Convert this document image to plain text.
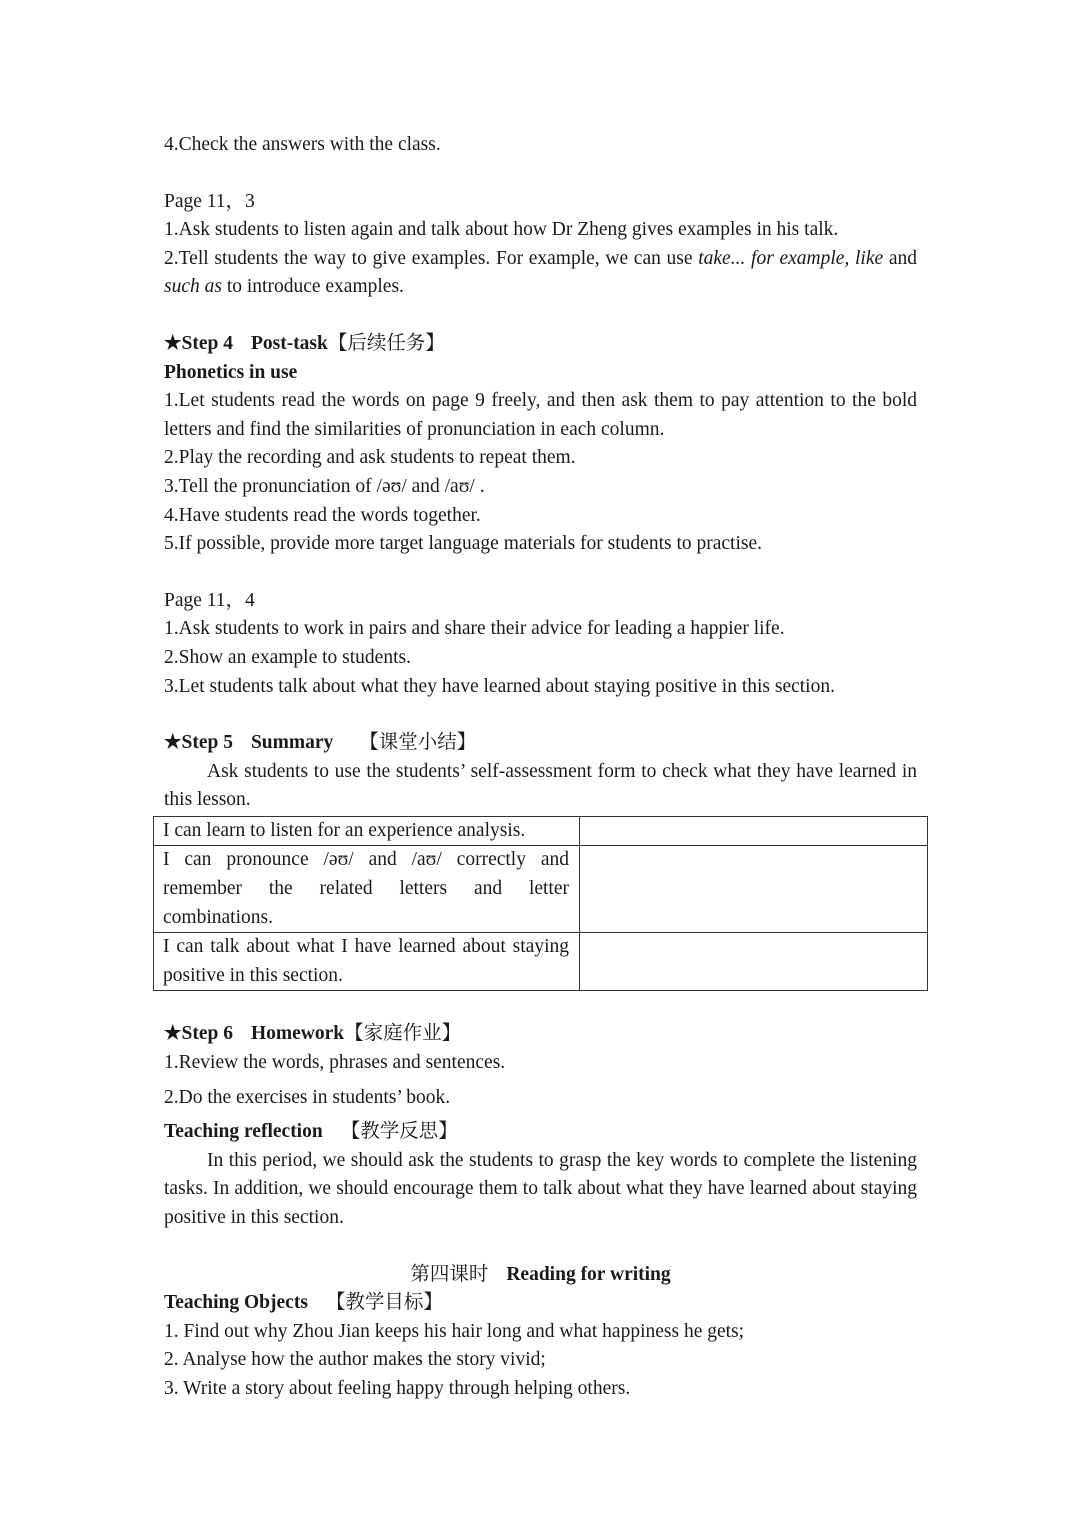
4.Check the answers with the class.

Page 11，3

1.Ask students to listen again and talk about how Dr Zheng gives examples in his talk.

2.Tell students the way to give examples. For example, we can use take... for example, like and such as to introduce examples.

★Step 4 Post-task【后续任务】

Phonetics in use

1.Let students read the words on page 9 freely, and then ask them to pay attention to the bold letters and find the similarities of pronunciation in each column.

2.Play the recording and ask students to repeat them.

3.Tell the pronunciation of /əʊ/ and /aʊ/ .

4.Have students read the words together.

5.If possible, provide more target language materials for students to practise.

Page 11，4

1.Ask students to work in pairs and share their advice for leading a happier life.

2.Show an example to students.

3.Let students talk about what they have learned about staying positive in this section.

★Step 5 Summary 【课堂小结】

Ask students to use the students’ self-assessment form to check what they have learned in this lesson.

I can learn to listen for an experience analysis.	
I can pronounce /əʊ/ and /aʊ/ correctly and remember the related letters and letter combinations.	
I can talk about what I have learned about staying positive in this section.	

★Step 6 Homework【家庭作业】

1.Review the words, phrases and sentences.

2.Do the exercises in students’ book.

Teaching reflection 【教学反思】

In this period, we should ask the students to grasp the key words to complete the listening tasks. In addition, we should encourage them to talk about what they have learned about staying positive in this section.

第四课时 Reading for writing

Teaching Objects 【教学目标】

1. Find out why Zhou Jian keeps his hair long and what happiness he gets;

2. Analyse how the author makes the story vivid;

3. Write a story about feeling happy through helping others.
